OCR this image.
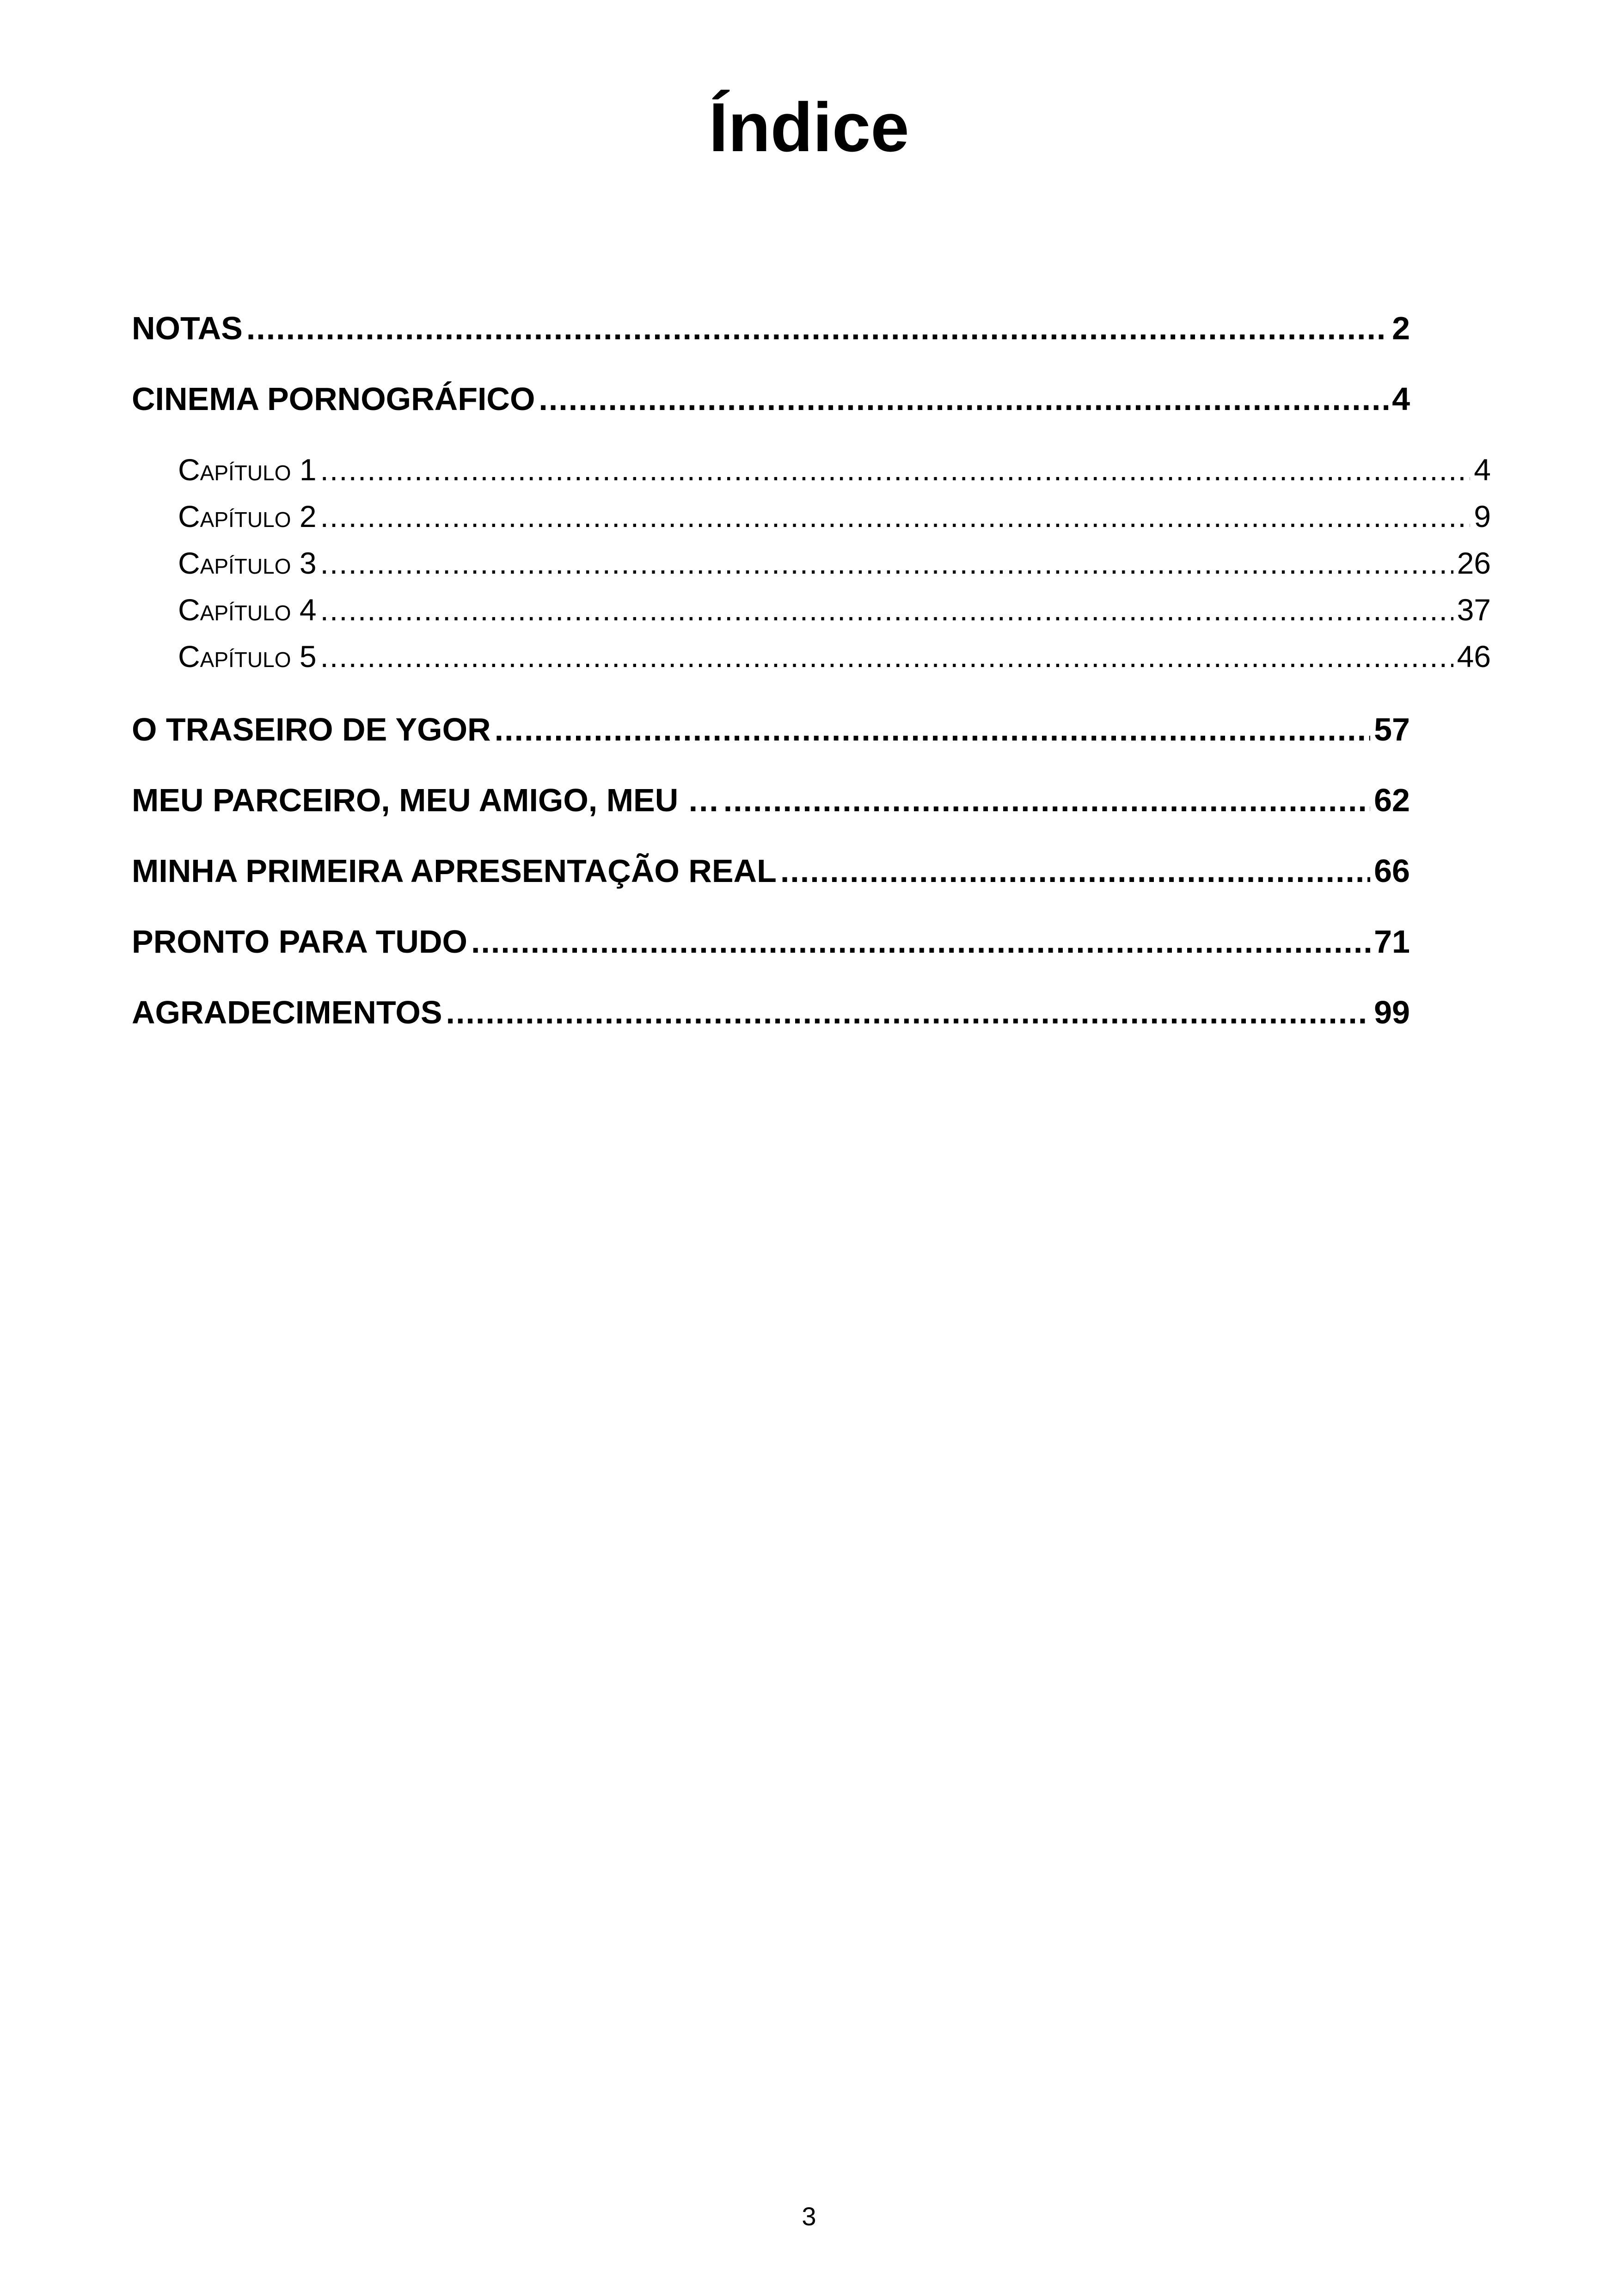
Índice
NOTAS .....	2
CINEMA PORNOGRÁFICO .....	4
Capítulo 1 .....	4
Capítulo 2 .....	9
Capítulo 3 .....	26
Capítulo 4 .....	37
Capítulo 5 .....	46
O TRASEIRO DE YGOR .....	57
MEU PARCEIRO, MEU AMIGO, MEU … .....	62
MINHA PRIMEIRA APRESENTAÇÃO REAL .....	66
PRONTO PARA TUDO .....	71
AGRADECIMENTOS .....	99
3
